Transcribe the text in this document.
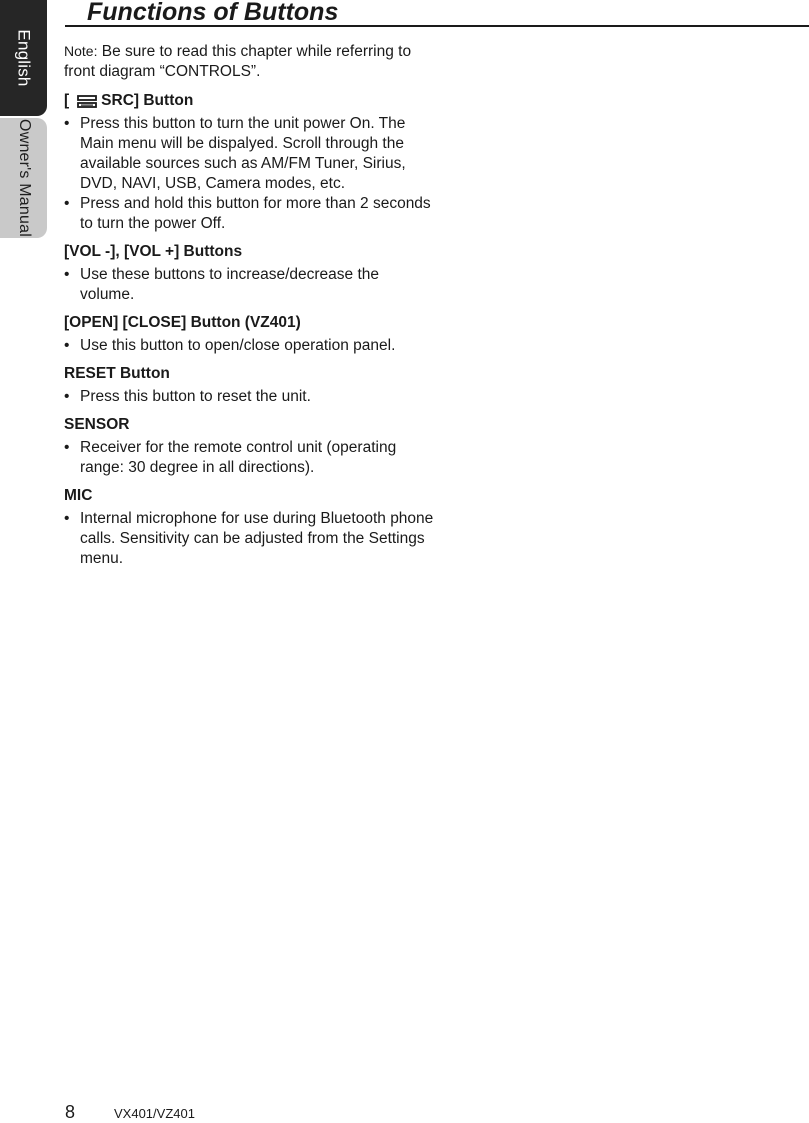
English
Owner's Manual
Functions of Buttons

Note: Be sure to read this chapter while referring to front diagram “CONTROLS”.

[ SRC] Button
• Press this button to turn the unit power On. The Main menu will be dispalyed. Scroll through the available sources such as AM/FM Tuner, Sirius, DVD, NAVI, USB, Camera modes, etc.
• Press and hold this button for more than 2 seconds to turn the power Off.
[VOL -], [VOL +] Buttons
• Use these buttons to increase/decrease the volume.
[OPEN] [CLOSE] Button (VZ401)
• Use this button to open/close operation panel.
RESET Button
• Press this button to reset the unit.
SENSOR
• Receiver for the remote control unit (operating range: 30 degree in all directions).
MIC
• Internal microphone for use during Bluetooth phone calls. Sensitivity can be adjusted from the Settings menu.
8	VX401/VZ401
